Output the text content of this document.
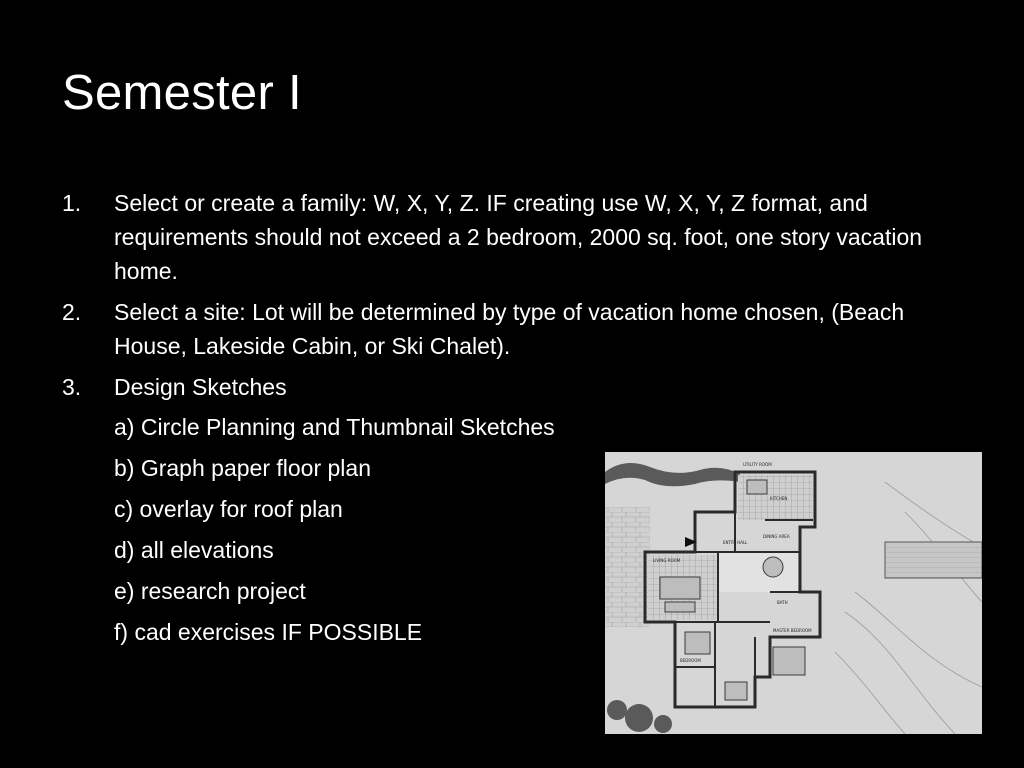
Semester I
1. Select or create a family: W, X, Y, Z. IF creating use W, X, Y, Z format, and requirements should not exceed a 2 bedroom, 2000 sq. foot, one story vacation home.
2. Select a site: Lot will be determined by type of vacation home chosen, (Beach House, Lakeside Cabin, or Ski Chalet).
3. Design Sketches
a) Circle Planning and Thumbnail Sketches
b) Graph paper floor plan
c) overlay for roof plan
d) all elevations
e) research project
f) cad exercises IF POSSIBLE
UTILITY ROOM
KITCHEN
DINING AREA
LIVING ROOM
MASTER BEDROOM
BEDROOM
BATH
ENTRY HALL
